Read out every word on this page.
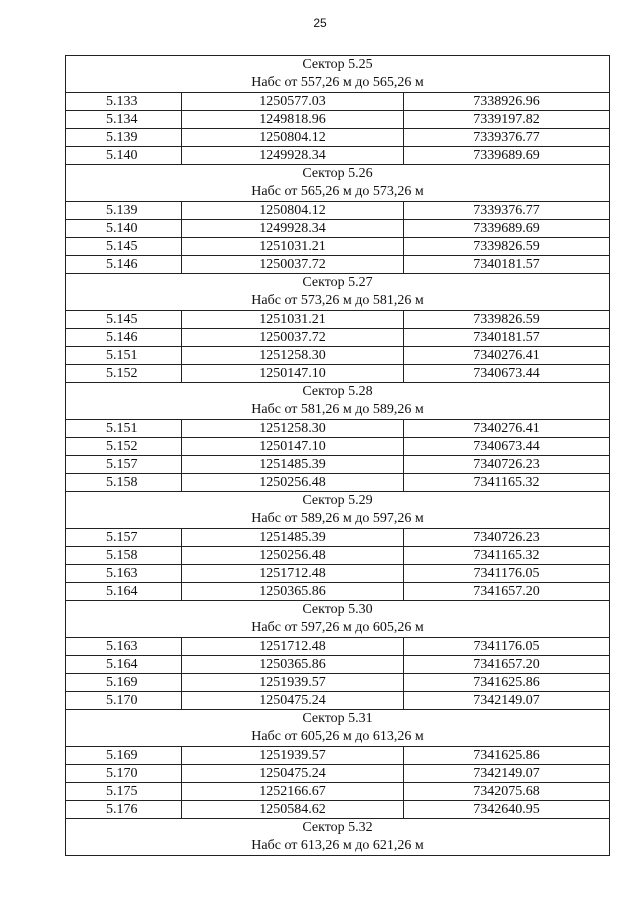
25
Сектор 5.25
Набс от 557,26 м до 565,26 м		

5.133	1250577.03	7338926.96
5.134	1249818.96	7339197.82
5.139	1250804.12	7339376.77
5.140	1249928.34	7339689.69

Сектор 5.26
Набс от 565,26 м до 573,26 м		

5.139	1250804.12	7339376.77
5.140	1249928.34	7339689.69
5.145	1251031.21	7339826.59
5.146	1250037.72	7340181.57

Сектор 5.27
Набс от 573,26 м до 581,26 м		

5.145	1251031.21	7339826.59
5.146	1250037.72	7340181.57
5.151	1251258.30	7340276.41
5.152	1250147.10	7340673.44

Сектор 5.28
Набс от 581,26 м до 589,26 м		

5.151	1251258.30	7340276.41
5.152	1250147.10	7340673.44
5.157	1251485.39	7340726.23
5.158	1250256.48	7341165.32

Сектор 5.29
Набс от 589,26 м до 597,26 м		

5.157	1251485.39	7340726.23
5.158	1250256.48	7341165.32
5.163	1251712.48	7341176.05
5.164	1250365.86	7341657.20

Сектор 5.30
Набс от 597,26 м до 605,26 м		

5.163	1251712.48	7341176.05
5.164	1250365.86	7341657.20
5.169	1251939.57	7341625.86
5.170	1250475.24	7342149.07

Сектор 5.31
Набс от 605,26 м до 613,26 м		

5.169	1251939.57	7341625.86
5.170	1250475.24	7342149.07
5.175	1252166.67	7342075.68
5.176	1250584.62	7342640.95

Сектор 5.32
Набс от 613,26 м до 621,26 м		
